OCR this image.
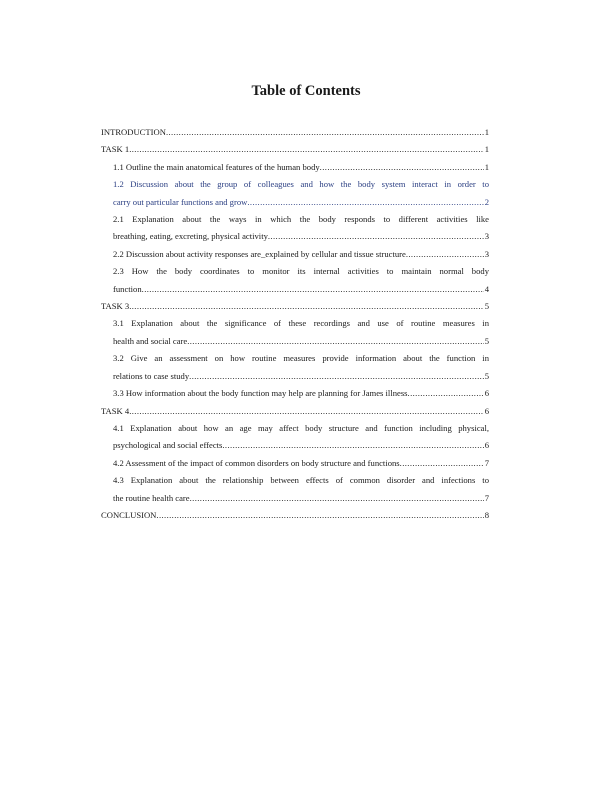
Table of Contents
INTRODUCTION .....	1
TASK 1 .....	1
1.1 Outline the main anatomical features of the human body .....	1
1.2 Discussion about the group of colleagues and how the body system interact in order to
carry out particular functions and grow .....	2
2.1 Explanation about the ways in which the body responds to different activities like
breathing, eating, excreting, physical activity .....	3
2.2 Discussion about activity responses are_explained by cellular and tissue structure .....	3
2.3 How the body coordinates to monitor its internal activities to maintain normal body
function .....	4
TASK 3 .....	5
3.1 Explanation about the significance of these recordings and use of routine measures in
health and social care .....	5
3.2 Give an assessment on how routine measures provide information about the function in
relations to case study .....	5
3.3 How information about the body function may help are planning for James illness .....	6
TASK 4 .....	6
4.1 Explanation about how an age may affect body structure and function including physical,
psychological and social effects .....	6
4.2 Assessment of the impact of common disorders on body structure and functions .....	7
4.3 Explanation about the relationship between effects of common disorder and infections to
the routine health care .....	7
CONCLUSION .....	8
